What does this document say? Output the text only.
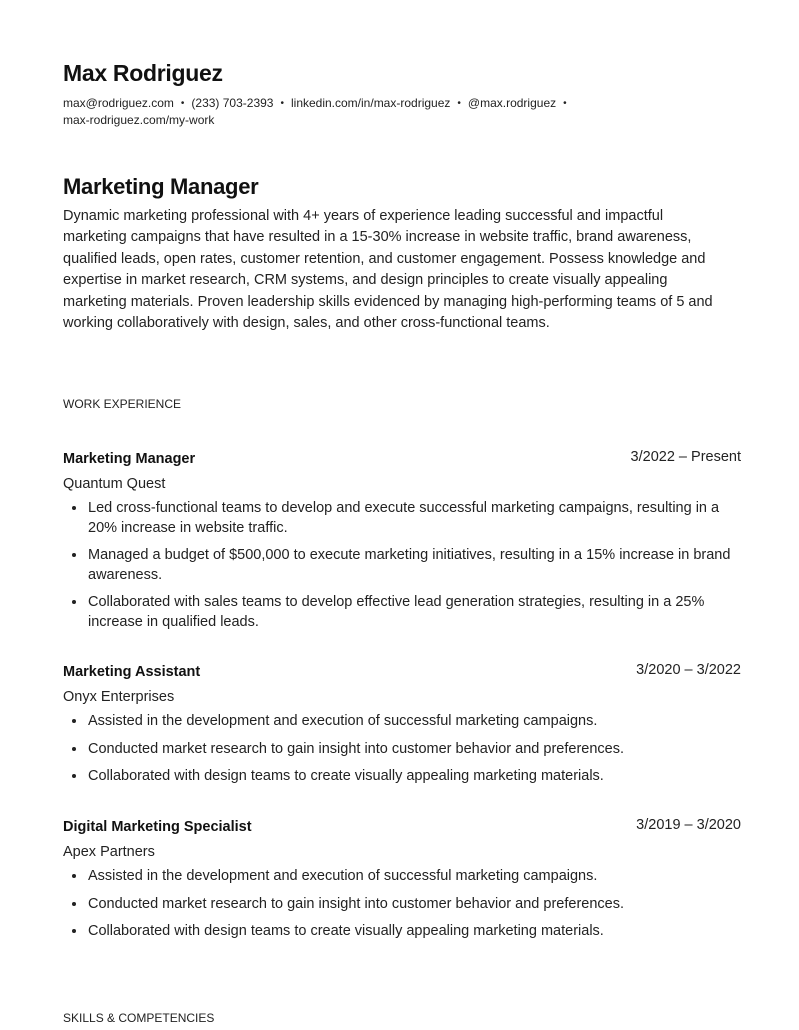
Max Rodriguez
max@rodriguez.com • (233) 703-2393 • linkedin.com/in/max-rodriguez • @max.rodriguez •
max-rodriguez.com/my-work
Marketing Manager

Dynamic marketing professional with 4+ years of experience leading successful and impactful marketing campaigns that have resulted in a 15-30% increase in website traffic, brand awareness, qualified leads, open rates, customer retention, and customer engagement. Possess knowledge and expertise in market research, CRM systems, and design principles to create visually appealing marketing materials. Proven leadership skills evidenced by managing high-performing teams of 5 and working collaboratively with design, sales, and other cross-functional teams.

WORK EXPERIENCE
Marketing Manager	3/2022 – Present
Quantum Quest
Led cross-functional teams to develop and execute successful marketing campaigns, resulting in a 20% increase in website traffic.
Managed a budget of $500,000 to execute marketing initiatives, resulting in a 15% increase in brand awareness.
Collaborated with sales teams to develop effective lead generation strategies, resulting in a 25% increase in qualified leads.
Marketing Assistant	3/2020 – 3/2022
Onyx Enterprises
Assisted in the development and execution of successful marketing campaigns.
Conducted market research to gain insight into customer behavior and preferences.
Collaborated with design teams to create visually appealing marketing materials.
Digital Marketing Specialist	3/2019 – 3/2020
Apex Partners
Assisted in the development and execution of successful marketing campaigns.
Conducted market research to gain insight into customer behavior and preferences.
Collaborated with design teams to create visually appealing marketing materials.
SKILLS & COMPETENCIES
